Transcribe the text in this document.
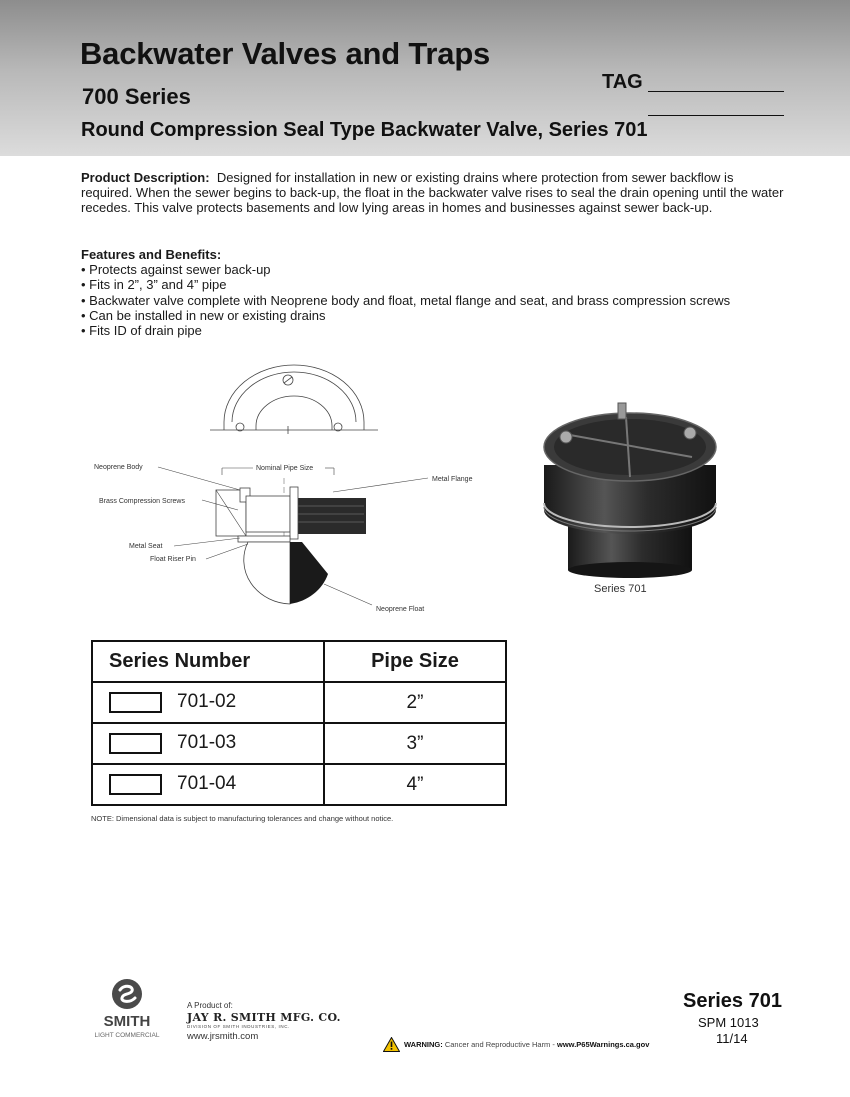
Backwater Valves and Traps
700 Series
Round Compression Seal Type Backwater Valve, Series 701
TAG
Product Description: Designed for installation in new or existing drains where protection from sewer backflow is required. When the sewer begins to back-up, the float in the backwater valve rises to seal the drain opening until the water recedes. This valve protects basements and low lying areas in homes and businesses against sewer back-up.
Features and Benefits:
• Protects against sewer back-up
• Fits in 2”, 3” and 4” pipe
• Backwater valve complete with Neoprene body and float, metal flange and seat, and brass compression screws
• Can be installed in new or existing drains
• Fits ID of drain pipe
Neoprene Body	Nominal Pipe Size
Metal Flange
Brass Compression Screws
Metal Seat
Float Riser Pin
Neoprene Float
Series 701
Series Number	Pipe Size
701-02	2”
701-03	3”
701-04	4”
NOTE: Dimensional data is subject to manufacturing tolerances and change without notice.
SMITH
LIGHT COMMERCIAL
A Product of:
JAY R. SMITH MFG. CO.
DIVISION OF SMITH INDUSTRIES, INC.
www.jrsmith.com
WARNING: Cancer and Reproductive Harm - www.P65Warnings.ca.gov
Series 701
SPM 1013
11/14
